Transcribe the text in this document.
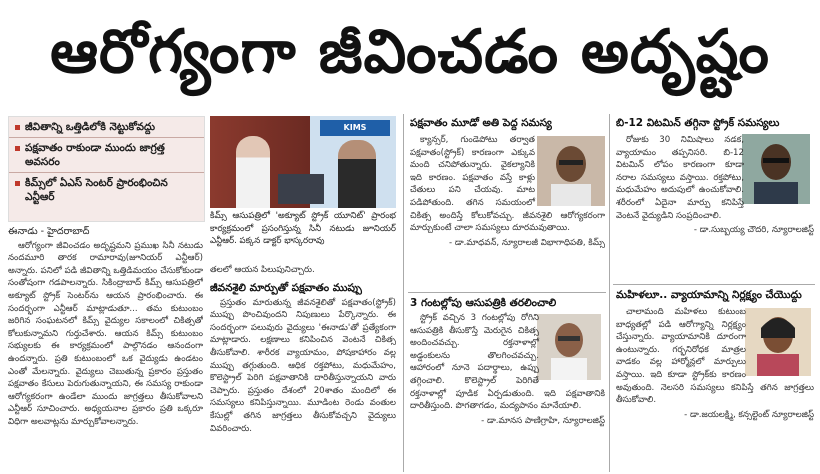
ఆరోగ్యంగా జీవించడం అదృష్టం
జీవితాన్ని ఒత్తిడిలోకి నెట్టుకోవద్దు
పక్షవాతం రాకుండా ముందు జాగ్రత్త అవసరం
కిమ్స్‌లో ఏఎస్ సెంటర్ ప్రారంభించిన ఎన్టీఆర్
ఈనాడు - హైదరాబాద్

ఆరోగ్యంగా జీవించడం అదృష్టమని ప్రముఖ సినీ నటుడు నందమూరి తారక రామారావు(జూనియర్ ఎన్టీఆర్) అన్నారు. పనిలో పడి జీవితాన్ని ఒత్తిడిమయం చేసుకోకుండా సంతోషంగా గడపాలన్నారు. సికింద్రాబాద్ కిమ్స్ ఆసుపత్రిలో అక్యూట్ స్ట్రోక్ సెంటర్‌ను ఆయన ప్రారంభించారు. ఈ సందర్భంగా ఎన్టీఆర్ మాట్లాడుతూ... తమ కుటుంబం జరిగిన సంఘటనలో కిమ్స్ వైద్యుల సకాలంలో చికిత్సతో కోలుకున్నామని గుర్తుచేశారు. ఆయన కిమ్స్ కుటుంబం సభ్యులకు ఈ కార్యక్రమంలో పాల్గొనడం ఆనందంగా ఉందన్నారు. ప్రతి కుటుంబంలో ఒక వైద్యుడు ఉండటం ఎంతో మేలన్నారు. వైద్యులు చెబుతున్న ప్రకారం ప్రస్తుతం పక్షవాతం కేసులు పెరుగుతున్నాయని, ఈ సమస్య రాకుండా ఆరోగ్యకరంగా ఉండేలా ముందు జాగ్రత్తలు తీసుకోవాలని ఎన్టీఆర్ సూచించారు. అధ్యయనాల ప్రకారం ప్రతి ఒక్కరూ విధిగా అలవాట్లను మార్చుకోవాలన్నారు.

KIMS
కిమ్స్ ఆసుపత్రిలో 'అక్యూట్ స్ట్రోక్ యూనిట్' ప్రారంభ కార్యక్రమంలో ప్రసంగిస్తున్న సినీ నటుడు జూనియర్ ఎన్టీఆర్. పక్కన డాక్టర్ భాస్కరరావు

తలలో ఆయన పిలుపునిచ్చారు.

జీవనశైలి మార్పుతో పక్షవాతం ముప్పు

ప్రస్తుతం మారుతున్న జీవనశైలితో పక్షవాతం(స్ట్రోక్) ముప్పు పొంచివుందని నిపుణులు పేర్కొన్నారు. ఈ సందర్భంగా పలువురు వైద్యులు 'ఈనాడు'తో ప్రత్యేకంగా మాట్లాడారు. లక్షణాలు కనిపించిన వెంటనే చికిత్స తీసుకోవాలి. శారీరక వ్యాయామం, పోషకాహారం వల్ల ముప్పు తగ్గుతుంది. ఆధిక రక్తపోటు, మధుమేహం, కొలెస్ట్రాల్ పెరిగి పక్షవాతానికి దారితీస్తున్నాయని వారు చెప్పారు. ప్రస్తుతం దేశంలో 20శాతం మందిలో ఈ సమస్యలు కనిపిస్తున్నాయి. మూడింట రెండు వంతుల కేసుల్లో తగిన జాగ్రత్తలు తీసుకోవచ్చని వైద్యులు వివరించారు.

పక్షవాతం మూడో అతి పెద్ద సమస్య

క్యాన్సర్, గుండెపోటు తర్వాత పక్షవాతం(స్ట్రోక్) కారణంగా ఎక్కువ మంది చనిపోతున్నారు. వైకల్యానికి ఇది కారణం. పక్షవాతం వస్తే కాళ్లు చేతులు పని చేయవు. మాట పడిపోతుంది. తగిన సమయంలో చికిత్స అందిస్తే కోలుకోవచ్చు. జీవనశైలి ఆరోగ్యకరంగా మార్చుకుంటే చాలా సమస్యలు దూరమవుతాయి.

- డా.మాధవన్, న్యూరాలజీ విభాగాధిపతి, కిమ్స్
3 గంటల్లోపు ఆసుపత్రికి తరలించాలి

స్ట్రోక్ వచ్చిన 3 గంటల్లోపు రోగిని ఆసుపత్రికి తీసుకొస్తే మెరుగైన చికిత్స అందించవచ్చు. రక్తనాళాల్లో అడ్డంకులను తొలగించవచ్చు. ఆహారంలో నూనె పదార్థాలు, ఉప్పు తగ్గించాలి. కొలెస్ట్రాల్ పెరిగితే రక్తనాళాల్లో పూడిక ఏర్పడుతుంది. ఇది పక్షవాతానికి దారితీస్తుంది. పొగతాగడం, మద్యపానం మానేయాలి.

- డా.మానస పాణిగ్రాహి, న్యూరాలజిస్ట్
బి-12 విటమిన్ తగ్గినా స్ట్రోక్ సమస్యలు

రోజుకు 30 నిమిషాలు నడక, వ్యాయామం తప్పనిసరి. బి-12 విటమిన్ లోపం కారణంగా కూడా నరాల సమస్యలు వస్తాయి. రక్తపోటు, మధుమేహం అదుపులో ఉంచుకోవాలి. శరీరంలో ఏదైనా మార్పు కనిపిస్తే వెంటనే వైద్యుడిని సంప్రదించాలి.

- డా.సుబ్బయ్య చౌదరి, న్యూరాలజిస్ట్
మహిళలూ.. వ్యాయామాన్ని నిర్లక్ష్యం చేయొద్దు

చాలామంది మహిళలు కుటుంబ బాధ్యతల్లో పడి ఆరోగ్యాన్ని నిర్లక్ష్యం చేస్తున్నారు. వ్యాయామానికి దూరంగా ఉంటున్నారు. గర్భనిరోధక మాత్రల వాడకం వల్ల హార్మోన్లలో మార్పులు వస్తాయి. ఇది కూడా స్ట్రోక్‌కు కారణం అవుతుంది. నెలసరి సమస్యలు కనిపిస్తే తగిన జాగ్రత్తలు తీసుకోవాలి.

- డా.జయలక్ష్మి, కన్సల్టెంట్ న్యూరాలజిస్ట్
